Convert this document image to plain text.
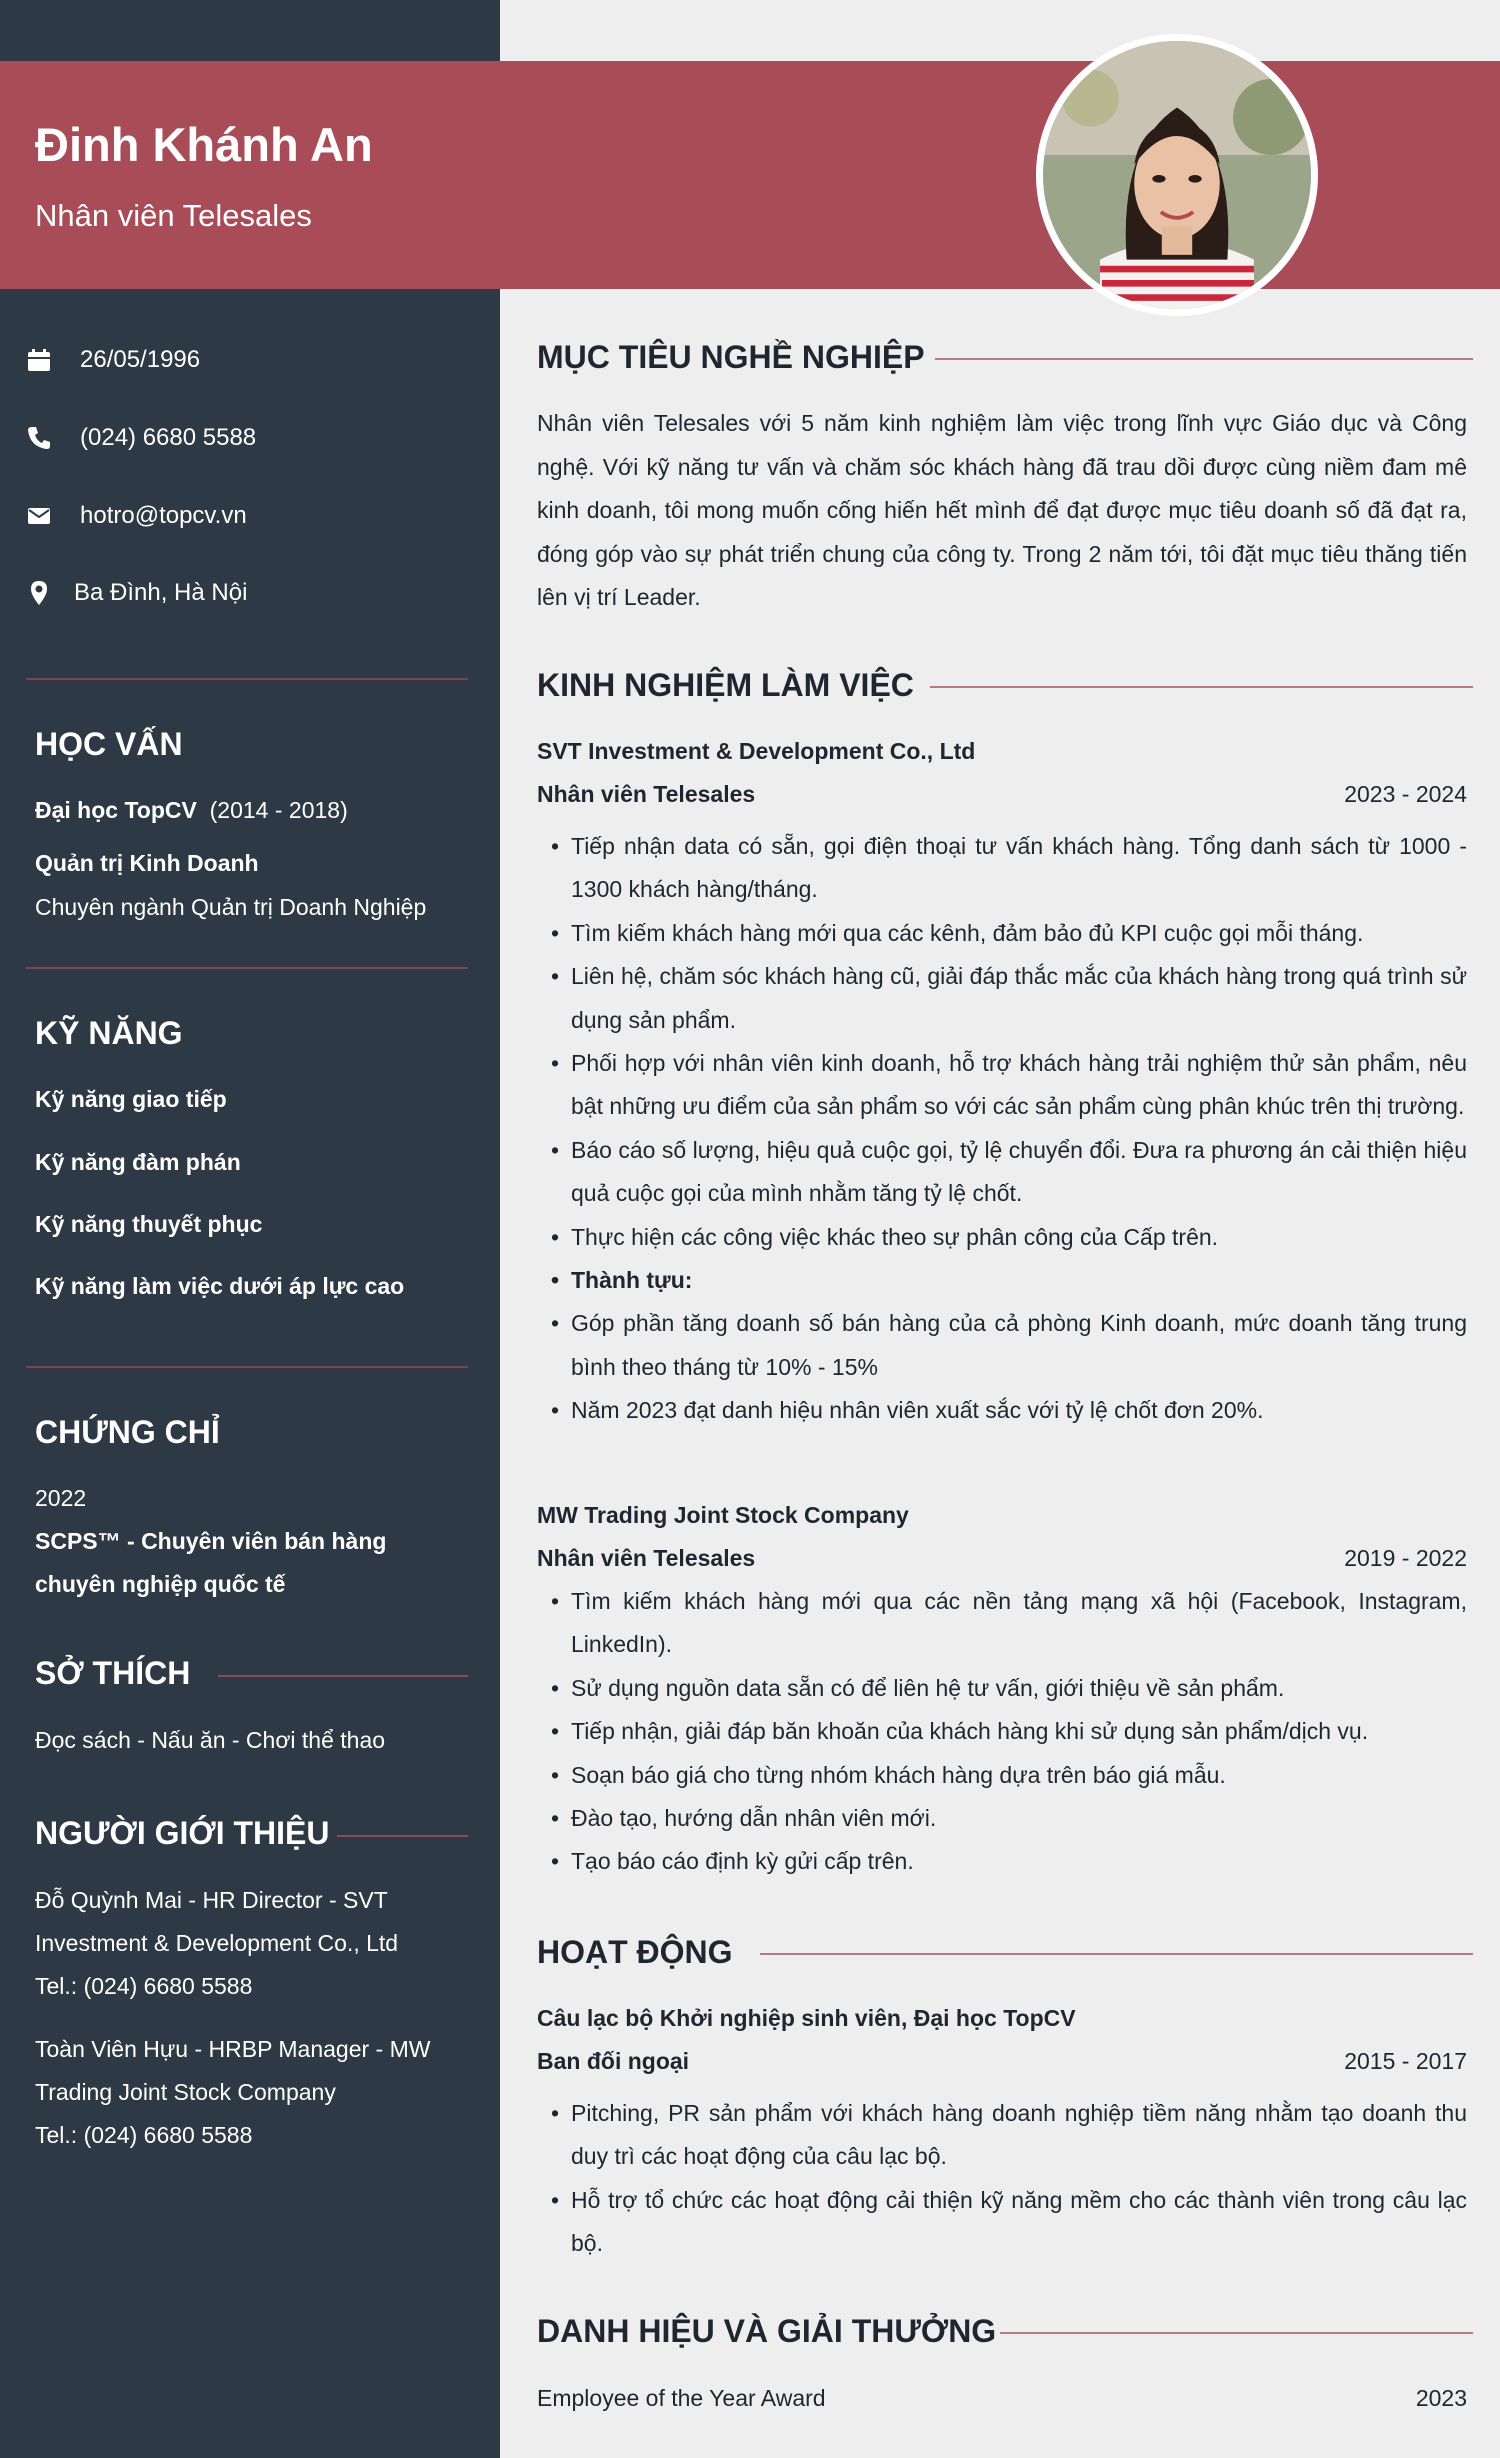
Đinh Khánh An
Nhân viên Telesales
26/05/1996
(024) 6680 5588
hotro@topcv.vn
Ba Đình, Hà Nội
HỌC VẤN
Đại học TopCV (2014 - 2018)
Quản trị Kinh Doanh
Chuyên ngành Quản trị Doanh Nghiệp
KỸ NĂNG
Kỹ năng giao tiếp
Kỹ năng đàm phán
Kỹ năng thuyết phục
Kỹ năng làm việc dưới áp lực cao
CHỨNG CHỈ
2022
SCPS™ - Chuyên viên bán hàng
chuyên nghiệp quốc tế
SỞ THÍCH
Đọc sách - Nấu ăn - Chơi thể thao
NGƯỜI GIỚI THIỆU
Đỗ Quỳnh Mai - HR Director - SVT
Investment & Development Co., Ltd
Tel.: (024) 6680 5588
Toàn Viên Hựu - HRBP Manager - MW
Trading Joint Stock Company
Tel.: (024) 6680 5588
MỤC TIÊU NGHỀ NGHIỆP
Nhân viên Telesales với 5 năm kinh nghiệm làm việc trong lĩnh vực Giáo dục và Công nghệ. Với kỹ năng tư vấn và chăm sóc khách hàng đã trau dồi được cùng niềm đam mê kinh doanh, tôi mong muốn cống hiến hết mình để đạt được mục tiêu doanh số đã đạt ra, đóng góp vào sự phát triển chung của công ty. Trong 2 năm tới, tôi đặt mục tiêu thăng tiến lên vị trí Leader.
KINH NGHIỆM LÀM VIỆC
SVT Investment & Development Co., Ltd
Nhân viên Telesales	2023 - 2024
• Tiếp nhận data có sẵn, gọi điện thoại tư vấn khách hàng. Tổng danh sách từ 1000 - 1300 khách hàng/tháng.
• Tìm kiếm khách hàng mới qua các kênh, đảm bảo đủ KPI cuộc gọi mỗi tháng.
• Liên hệ, chăm sóc khách hàng cũ, giải đáp thắc mắc của khách hàng trong quá trình sử dụng sản phẩm.
• Phối hợp với nhân viên kinh doanh, hỗ trợ khách hàng trải nghiệm thử sản phẩm, nêu bật những ưu điểm của sản phẩm so với các sản phẩm cùng phân khúc trên thị trường.
• Báo cáo số lượng, hiệu quả cuộc gọi, tỷ lệ chuyển đổi. Đưa ra phương án cải thiện hiệu quả cuộc gọi của mình nhằm tăng tỷ lệ chốt.
• Thực hiện các công việc khác theo sự phân công của Cấp trên.
• Thành tựu:
• Góp phần tăng doanh số bán hàng của cả phòng Kinh doanh, mức doanh tăng trung bình theo tháng từ 10% - 15%
• Năm 2023 đạt danh hiệu nhân viên xuất sắc với tỷ lệ chốt đơn 20%.
MW Trading Joint Stock Company
Nhân viên Telesales	2019 - 2022
• Tìm kiếm khách hàng mới qua các nền tảng mạng xã hội (Facebook, Instagram, LinkedIn).
• Sử dụng nguồn data sẵn có để liên hệ tư vấn, giới thiệu về sản phẩm.
• Tiếp nhận, giải đáp băn khoăn của khách hàng khi sử dụng sản phẩm/dịch vụ.
• Soạn báo giá cho từng nhóm khách hàng dựa trên báo giá mẫu.
• Đào tạo, hướng dẫn nhân viên mới.
• Tạo báo cáo định kỳ gửi cấp trên.
HOẠT ĐỘNG
Câu lạc bộ Khởi nghiệp sinh viên, Đại học TopCV
Ban đối ngoại	2015 - 2017
• Pitching, PR sản phẩm với khách hàng doanh nghiệp tiềm năng nhằm tạo doanh thu duy trì các hoạt động của câu lạc bộ.
• Hỗ trợ tổ chức các hoạt động cải thiện kỹ năng mềm cho các thành viên trong câu lạc bộ.
DANH HIỆU VÀ GIẢI THƯỞNG
Employee of the Year Award	2023
